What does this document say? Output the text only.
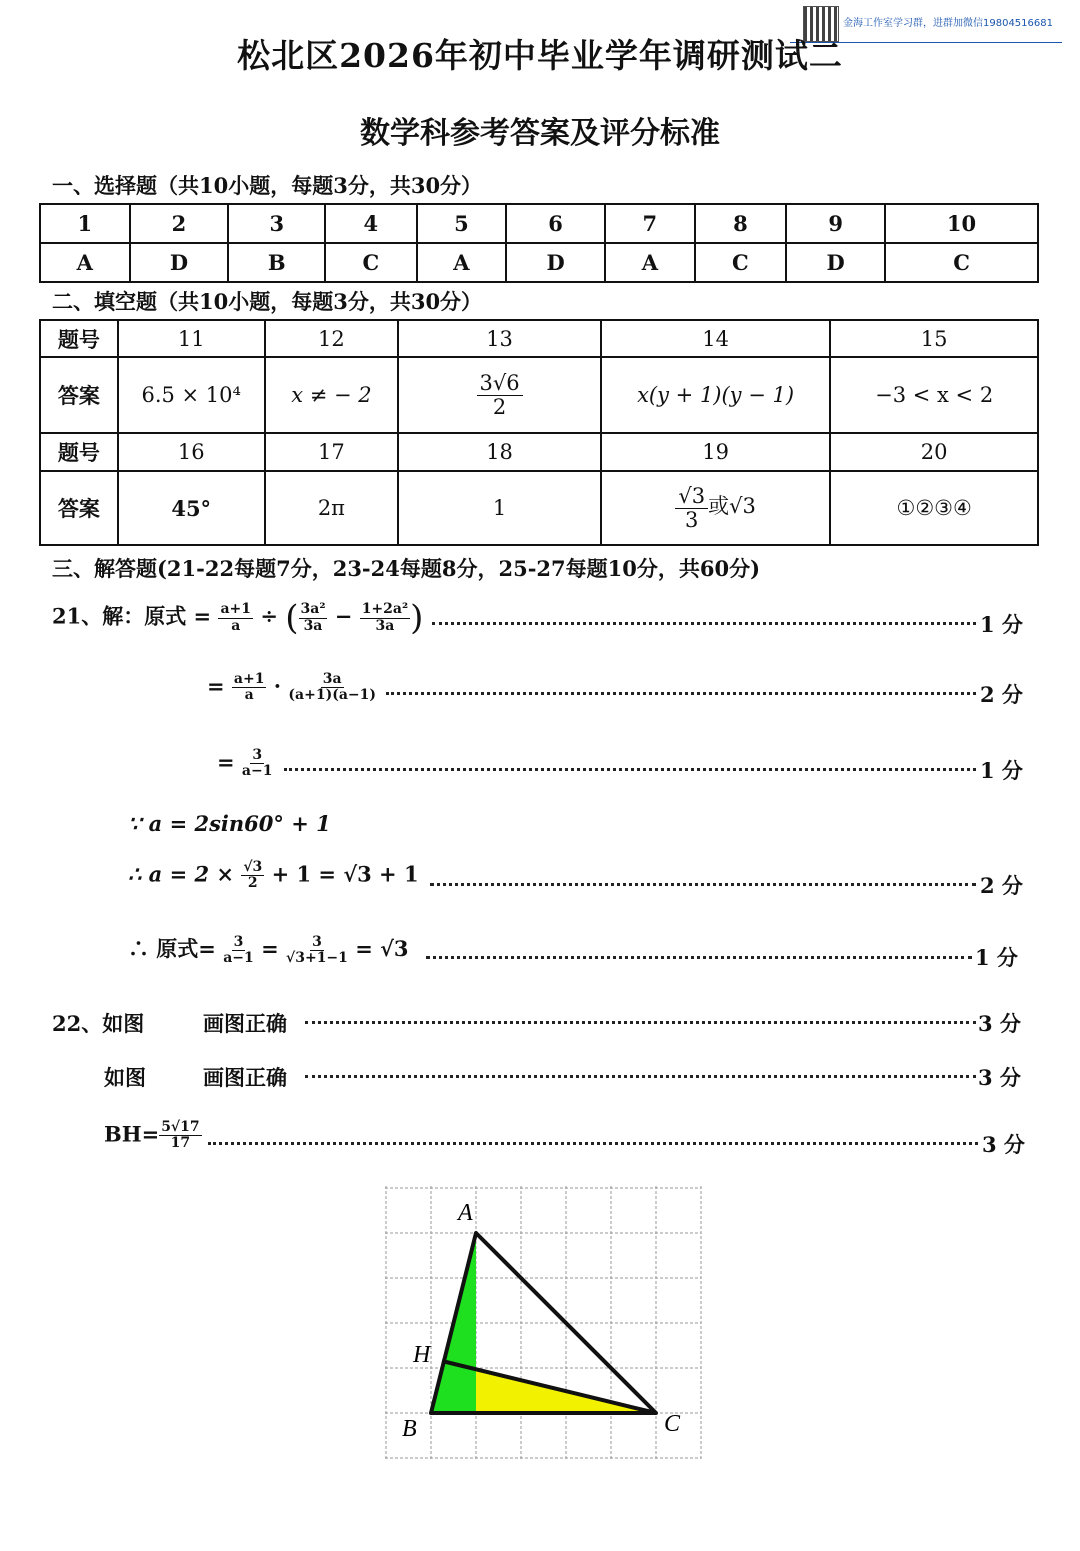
金海工作室学习群，进群加微信19804516681
松北区2026年初中毕业学年调研测试二
数学科参考答案及评分标准
一、选择题（共10小题，每题3分，共30分）
1	2	3	4	5	6	7	8	9	10
A	D	B	C	A	D	A	C	D	C
二、填空题（共10小题，每题3分，共30分）
题号	11	12	13	14	15
答案	6.5 × 10⁴	x ≠ − 2	$\frac{3√6}{2}$	x(y + 1)(y − 1)	−3 < x < 2
题号	16	17	18	19	20
答案	45°	2π	1	$\frac{√3}{3}$ 或√3	①②③④
三、解答题(21-22每题7分，23-24每题8分，25-27每题10分，共60分)
21、解：原式 = $\frac{a+1}{a}$ ÷ ( $\frac{\text{3a²}}{3a} - \frac{\text{1+2a²}}{3a}$ )	1 分
= $\frac{a+1}{a} \cdot \frac{3a}{(a+1)(a-1)}$	2 分
= $\frac{3}{a-1}$	1 分
∵ a = 2sin60° + 1
∴ $a = 2 \times \frac{√3}{2} + 1 = √3 + 1$	2 分
∴ 原式= $\frac{3}{a-1} = \frac{3}{√3+1-1} = √3$	1 分
22、如图	画图正确	3 分
如图	画图正确	3 分
$BH= \frac{5√17}{17}$	3 分
A
H
B	C
